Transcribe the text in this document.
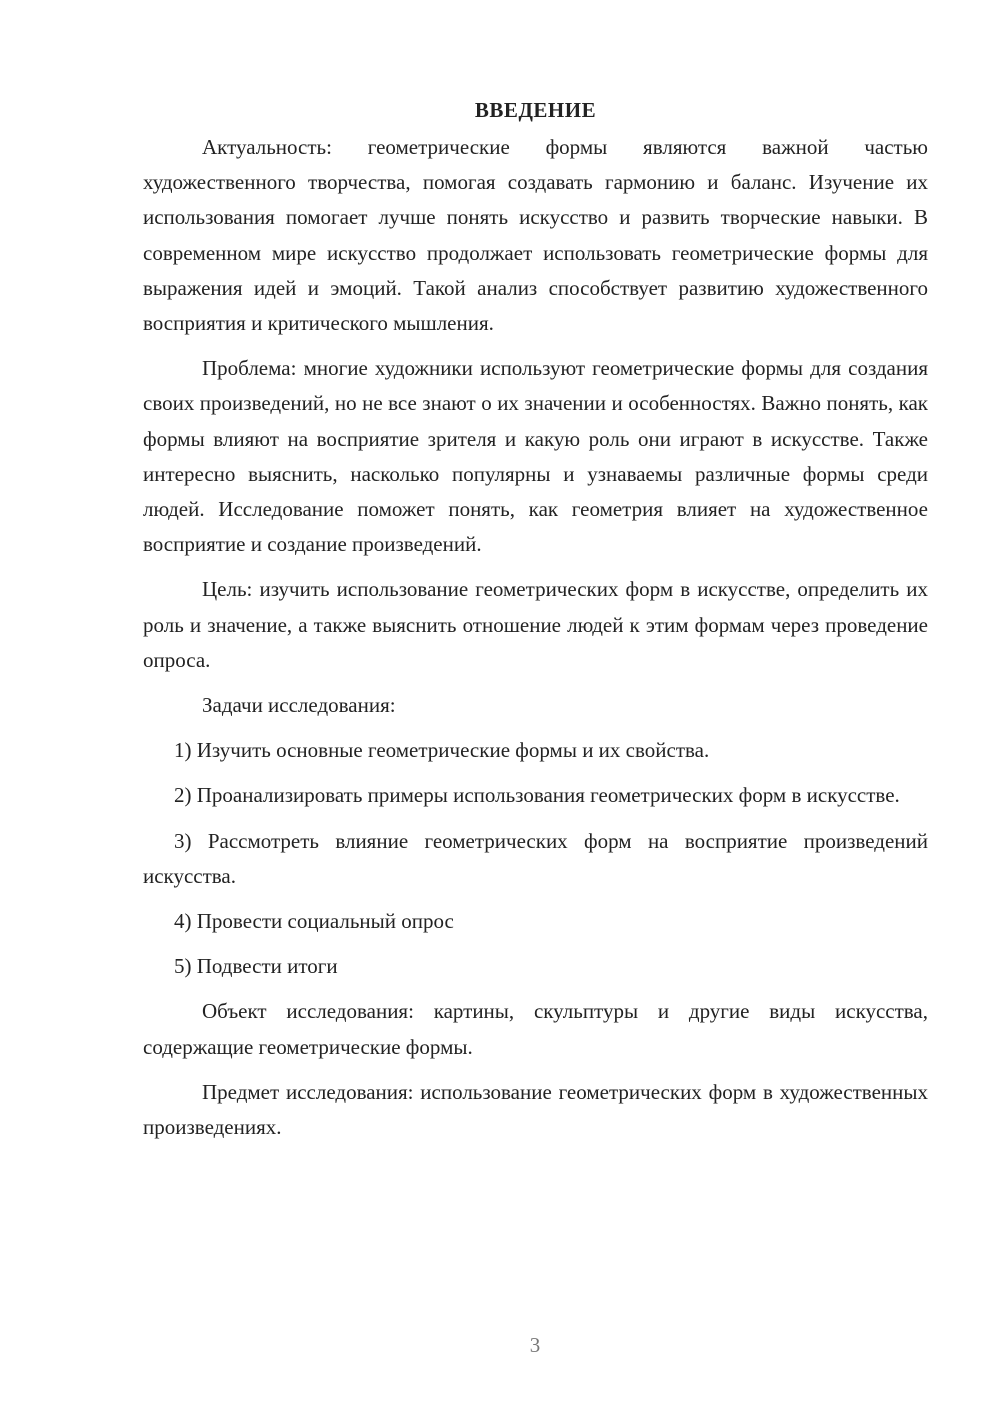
ВВЕДЕНИЕ

Актуальность: геометрические формы являются важной частью художественного творчества, помогая создавать гармонию и баланс. Изучение их использования помогает лучше понять искусство и развить творческие навыки. В современном мире искусство продолжает использовать геометрические формы для выражения идей и эмоций. Такой анализ способствует развитию художественного восприятия и критического мышления.

Проблема: многие художники используют геометрические формы для создания своих произведений, но не все знают о их значении и особенностях. Важно понять, как формы влияют на восприятие зрителя и какую роль они играют в искусстве. Также интересно выяснить, насколько популярны и узнаваемы различные формы среди людей. Исследование поможет понять, как геометрия влияет на художественное восприятие и создание произведений.

Цель: изучить использование геометрических форм в искусстве, определить их роль и значение, а также выяснить отношение людей к этим формам через проведение опроса.

Задачи исследования:

1) Изучить основные геометрические формы и их свойства.

2) Проанализировать примеры использования геометрических форм в искусстве.

3) Рассмотреть влияние геометрических форм на восприятие произведений искусства.

4) Провести социальный опрос

5) Подвести итоги

Объект исследования: картины, скульптуры и другие виды искусства, содержащие геометрические формы.

Предмет исследования: использование геометрических форм в художественных произведениях.

3
